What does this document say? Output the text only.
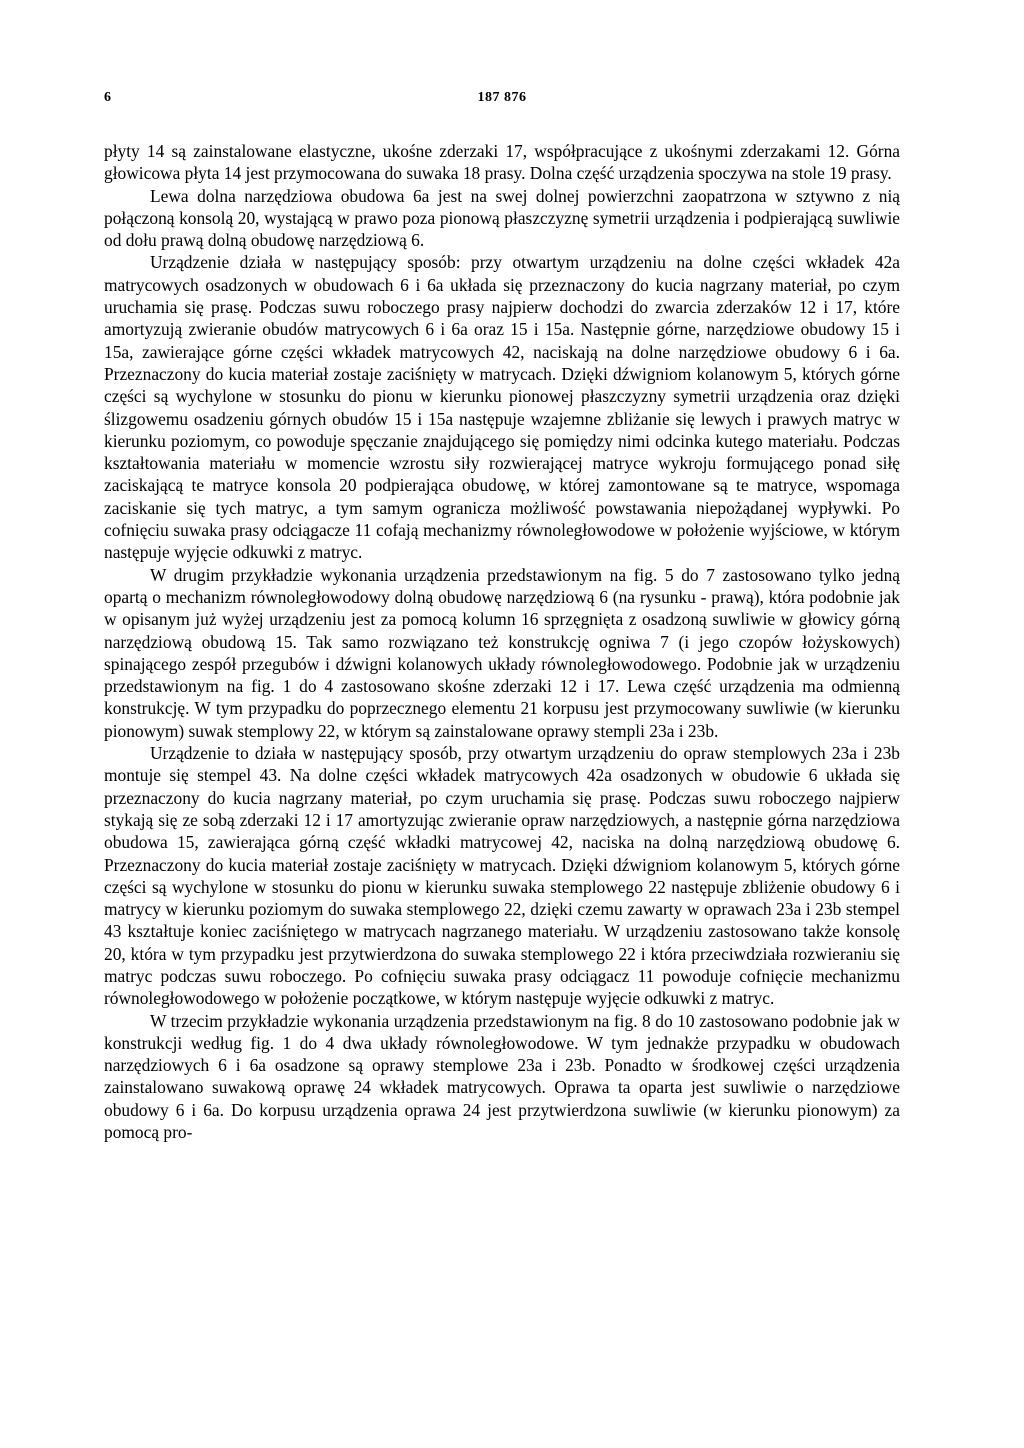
6	187 876

płyty 14 są zainstalowane elastyczne, ukośne zderzaki 17, współpracujące z ukośnymi zderzakami 12. Górna głowicowa płyta 14 jest przymocowana do suwaka 18 prasy. Dolna część urządzenia spoczywa na stole 19 prasy.

Lewa dolna narzędziowa obudowa 6a jest na swej dolnej powierzchni zaopatrzona w sztywno z nią połączoną konsolą 20, wystającą w prawo poza pionową płaszczyznę symetrii urządzenia i podpierającą suwliwie od dołu prawą dolną obudowę narzędziową 6.

Urządzenie działa w następujący sposób: przy otwartym urządzeniu na dolne części wkładek 42a matrycowych osadzonych w obudowach 6 i 6a układa się przeznaczony do kucia nagrzany materiał, po czym uruchamia się prasę. Podczas suwu roboczego prasy najpierw dochodzi do zwarcia zderzaków 12 i 17, które amortyzują zwieranie obudów matrycowych 6 i 6a oraz 15 i 15a. Następnie górne, narzędziowe obudowy 15 i 15a, zawierające górne części wkładek matrycowych 42, naciskają na dolne narzędziowe obudowy 6 i 6a. Przeznaczony do kucia materiał zostaje zaciśnięty w matrycach. Dzięki dźwigniom kolanowym 5, których górne części są wychylone w stosunku do pionu w kierunku pionowej płaszczyzny symetrii urządzenia oraz dzięki ślizgowemu osadzeniu górnych obudów 15 i 15a następuje wzajemne zbliżanie się lewych i prawych matryc w kierunku poziomym, co powoduje spęczanie znajdującego się pomiędzy nimi odcinka kutego materiału. Podczas kształtowania materiału w momencie wzrostu siły rozwierającej matryce wykroju formującego ponad siłę zaciskającą te matryce konsola 20 podpierająca obudowę, w której zamontowane są te matryce, wspomaga zaciskanie się tych matryc, a tym samym ogranicza możliwość powstawania niepożądanej wypływki. Po cofnięciu suwaka prasy odciągacze 11 cofają mechanizmy równoległowodowe w położenie wyjściowe, w którym następuje wyjęcie odkuwki z matryc.

W drugim przykładzie wykonania urządzenia przedstawionym na fig. 5 do 7 zastosowano tylko jedną opartą o mechanizm równoległowodowy dolną obudowę narzędziową 6 (na rysunku - prawą), która podobnie jak w opisanym już wyżej urządzeniu jest za pomocą kolumn 16 sprzęgnięta z osadzoną suwliwie w głowicy górną narzędziową obudową 15. Tak samo rozwiązano też konstrukcję ogniwa 7 (i jego czopów łożyskowych) spinającego zespół przegubów i dźwigni kolanowych układy równoległowodowego. Podobnie jak w urządzeniu przedstawionym na fig. 1 do 4 zastosowano skośne zderzaki 12 i 17. Lewa część urządzenia ma odmienną konstrukcję. W tym przypadku do poprzecznego elementu 21 korpusu jest przymocowany suwliwie (w kierunku pionowym) suwak stemplowy 22, w którym są zainstalowane oprawy stempli 23a i 23b.

Urządzenie to działa w następujący sposób, przy otwartym urządzeniu do opraw stemplowych 23a i 23b montuje się stempel 43. Na dolne części wkładek matrycowych 42a osadzonych w obudowie 6 układa się przeznaczony do kucia nagrzany materiał, po czym uruchamia się prasę. Podczas suwu roboczego najpierw stykają się ze sobą zderzaki 12 i 17 amortyzując zwieranie opraw narzędziowych, a następnie górna narzędziowa obudowa 15, zawierająca górną część wkładki matrycowej 42, naciska na dolną narzędziową obudowę 6. Przeznaczony do kucia materiał zostaje zaciśnięty w matrycach. Dzięki dźwigniom kolanowym 5, których górne części są wychylone w stosunku do pionu w kierunku suwaka stemplowego 22 następuje zbliżenie obudowy 6 i matrycy w kierunku poziomym do suwaka stemplowego 22, dzięki czemu zawarty w oprawach 23a i 23b stempel 43 kształtuje koniec zaciśniętego w matrycach nagrzanego materiału. W urządzeniu zastosowano także konsolę 20, która w tym przypadku jest przytwierdzona do suwaka stemplowego 22 i która przeciwdziała rozwieraniu się matryc podczas suwu roboczego. Po cofnięciu suwaka prasy odciągacz 11 powoduje cofnięcie mechanizmu równoległowodowego w położenie początkowe, w którym następuje wyjęcie odkuwki z matryc.

W trzecim przykładzie wykonania urządzenia przedstawionym na fig. 8 do 10 zastosowano podobnie jak w konstrukcji według fig. 1 do 4 dwa układy równoległowodowe. W tym jednakże przypadku w obudowach narzędziowych 6 i 6a osadzone są oprawy stemplowe 23a i 23b. Ponadto w środkowej części urządzenia zainstalowano suwakową oprawę 24 wkładek matrycowych. Oprawa ta oparta jest suwliwie o narzędziowe obudowy 6 i 6a. Do korpusu urządzenia oprawa 24 jest przytwierdzona suwliwie (w kierunku pionowym) za pomocą pro-
